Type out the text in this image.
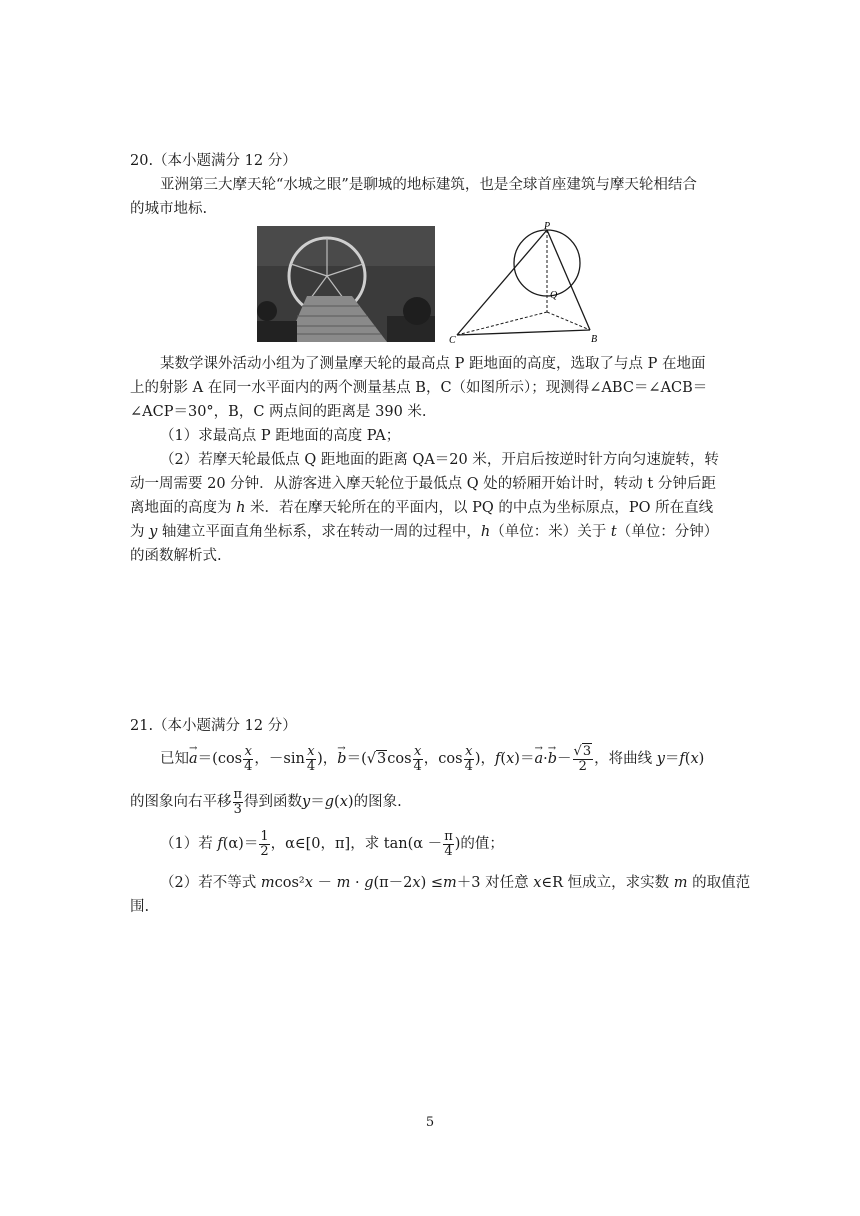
20.（本小题满分 12 分）
亚洲第三大摩天轮“水城之眼”是聊城的地标建筑，也是全球首座建筑与摩天轮相结合
的城市地标.
P
Q
C	B
某数学课外活动小组为了测量摩天轮的最高点 P 距地面的高度，选取了与点 P 在地面
上的射影 A 在同一水平面内的两个测量基点 B，C（如图所示）；现测得∠ABC＝∠ACB＝
∠ACP＝30°，B，C 两点间的距离是 390 米.
（1）求最高点 P 距地面的高度 PA；
（2）若摩天轮最低点 Q 距地面的距离 QA＝20 米，开启后按逆时针方向匀速旋转，转
动一周需要 20 分钟．从游客进入摩天轮位于最低点 Q 处的轿厢开始计时，转动 t 分钟后距
离地面的高度为 h 米．若在摩天轮所在的平面内，以 PQ 的中点为坐标原点，PO 所在直线
为 y 轴建立平面直角坐标系，求在转动一周的过程中，h（单位：米）关于 t（单位：分钟）
的函数解析式.
21.（本小题满分 12 分）
已知→ $a=(\cos \frac{x}{4}$ ，$-\sin \frac{x}{4}$ )，→ $b=(√3\cos \frac{x}{4}$ ，$\cos \frac{x}{4}$ )，$f(x)=\to a\cdot\to b- \frac{√3}{2}$ ，将曲线 y＝f(x)
的图象向右平移 $\frac{\pi}{3}$ 得到函数y＝g(x)的图象.
（1）若 $f(\alpha)= \frac{1}{2}$ ，α∈[0，π]，求 $\tan(\alpha - \frac{\pi}{4}$ )的值；
（2）若不等式 mcos²x － m · g(π－2x) ≤m＋3 对任意 x∈R 恒成立，求实数 m 的取值范
围.
5
